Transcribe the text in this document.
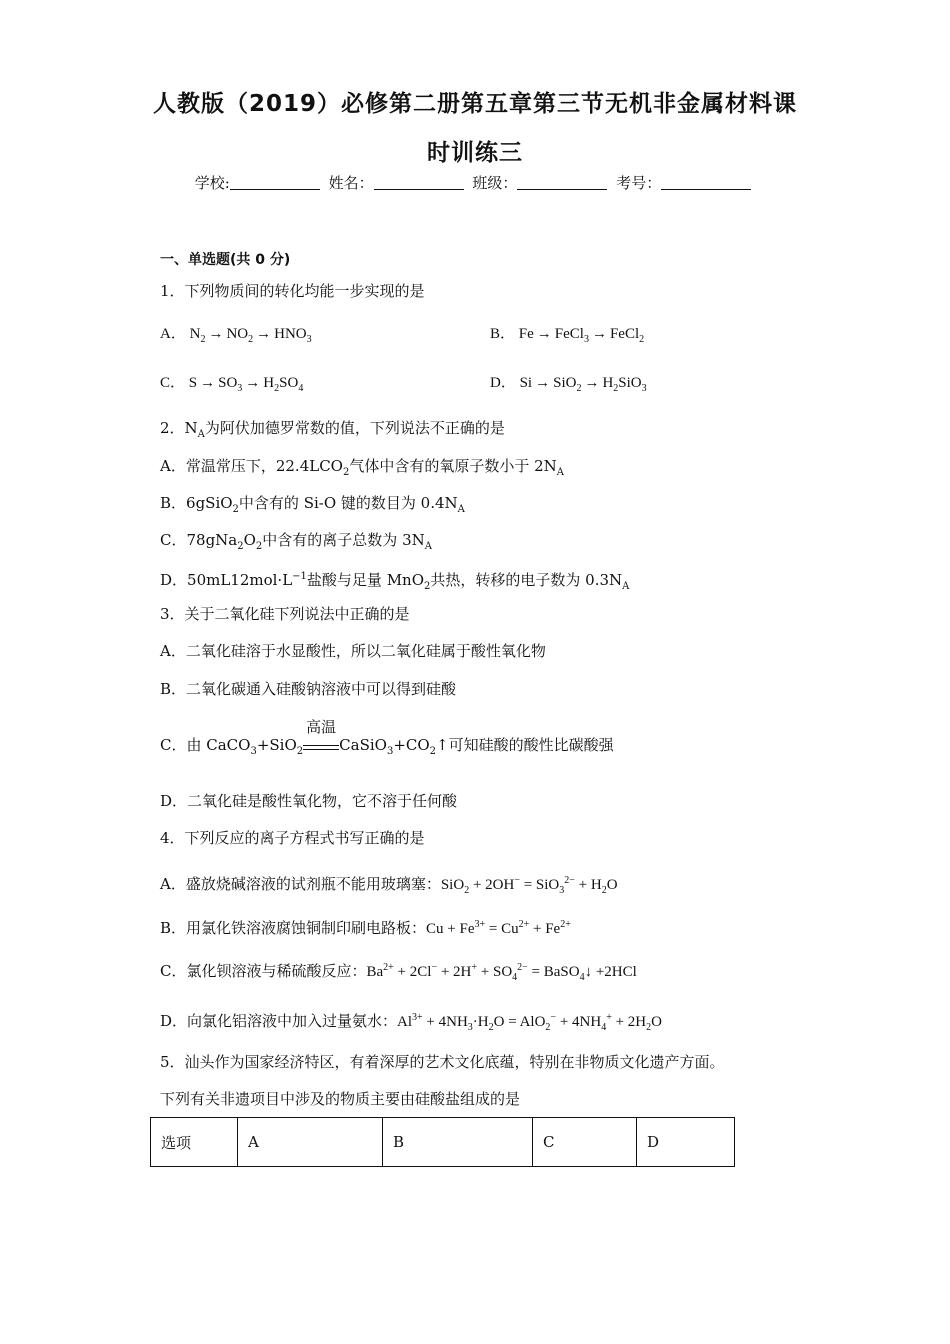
人教版（2019）必修第二册第五章第三节无机非金属材料课
时训练三
学校:	姓名：	班级：	考号：
一、单选题(共 0 分)
1．下列物质间的转化均能一步实现的是
A． $N_2 \to NO_2 \to HNO_3$	B． Fe → FeCl$_3$ → FeCl$_2$
C． $S \to SO_3 \to H_2SO_4$	D． $Si \to SiO_2 \to H_2SiO_3$
2．$N_A$为阿伏加德罗常数的值，下列说法不正确的是
A．常温常压下，$22.4LCO_2$气体中含有的氧原子数小于 $2N_A$
B．6gSiO$_2$中含有的 Si-O 键的数目为 $0.4N_A$
C．$78gNa_2O_2$中含有的离子总数为 $3N_A$
D．$50mL12mol\cdot L^{-1}$盐酸与足量 MnO$_2$共热，转移的电子数为 $0.3N_A$
3．关于二氧化硅下列说法中正确的是
A．二氧化硅溶于水显酸性，所以二氧化硅属于酸性氧化物
B．二氧化碳通入硅酸钠溶液中可以得到硅酸
C．由 CaCO$_3$+SiO$_2$
高温
$CaSiO_3+CO_2↑$可知硅酸的酸性比碳酸强
D．二氧化硅是酸性氧化物，它不溶于任何酸
4．下列反应的离子方程式书写正确的是
A．盛放烧碱溶液的试剂瓶不能用玻璃塞：$SiO_2 + 2OH^- = SiO_3^{2-} + H_2O$
B．用氯化铁溶液腐蚀铜制印刷电路板：$Cu + Fe^{3+} = Cu^{2+} + Fe^{2+}$
C．氯化钡溶液与稀硫酸反应：$Ba^{2+} + 2Cl^- + 2H^+ + SO_4^{2-}$ = BaSO$_4$↓ +2HCl
D．向氯化铝溶液中加入过量氨水：$Al^{3+} + 4NH_3\cdot H_2O = AlO_2^- + 4NH_4^+ + 2H_2O$
5．汕头作为国家经济特区，有着深厚的艺术文化底蕴，特别在非物质文化遗产方面。
下列有关非遗项目中涉及的物质主要由硅酸盐组成的是
选项	A	B	C	D
